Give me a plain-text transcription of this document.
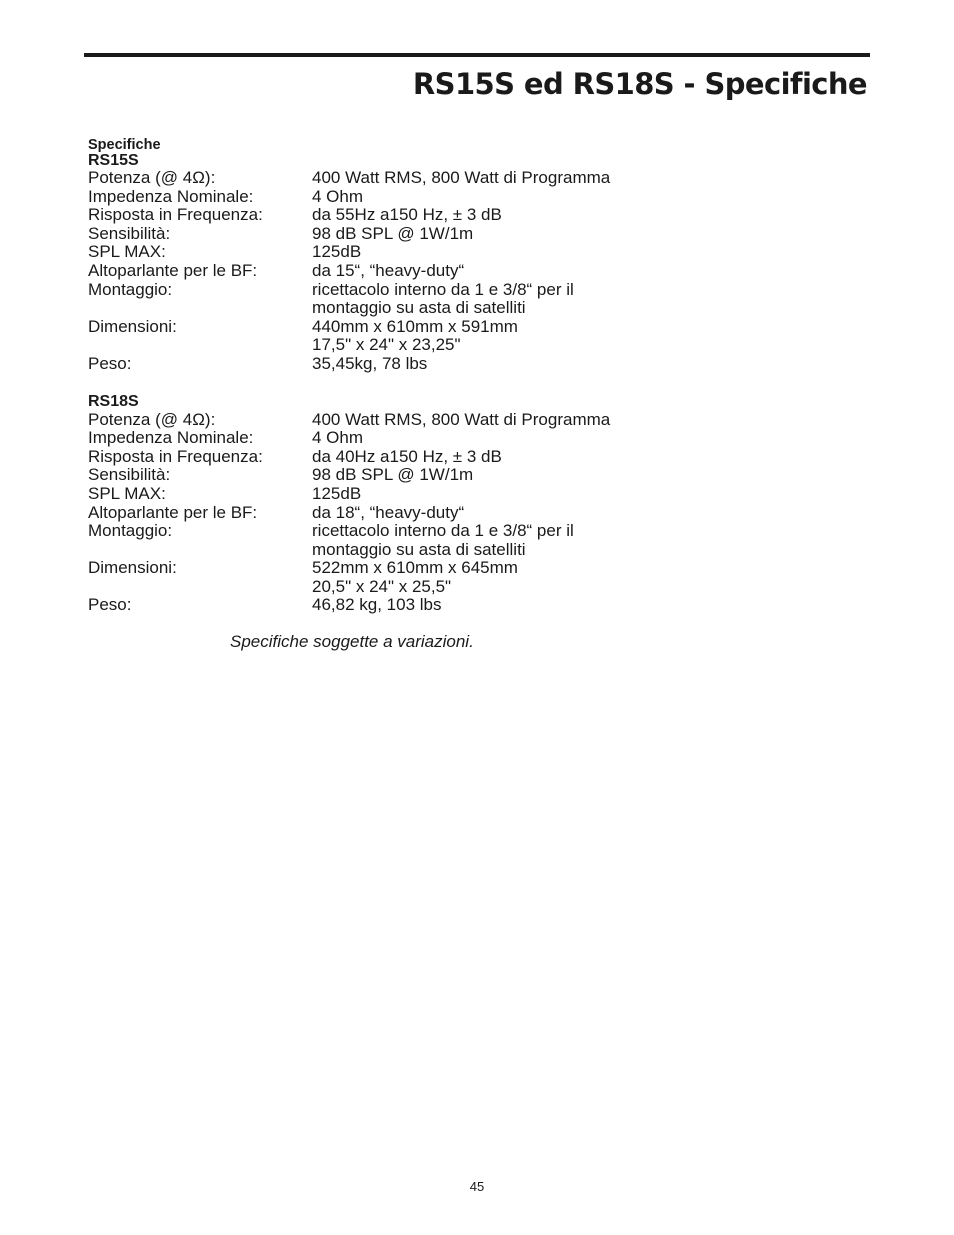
RS15S ed RS18S - Specifiche
Specifiche
RS15S
Potenza (@ 4Ω):	400 Watt RMS, 800 Watt di Programma
Impedenza Nominale:	4 Ohm
Risposta in Frequenza:	da 55Hz a150 Hz, ± 3 dB
Sensibilità:	98 dB SPL @ 1W/1m
SPL MAX:	125dB
Altoparlante per le BF:	da 15“, “heavy-duty“
Montaggio:	ricettacolo interno da 1 e 3/8“ per il
montaggio su asta di satelliti
Dimensioni:	440mm x 610mm x 591mm
17,5" x 24" x 23,25"
Peso:	35,45kg, 78 lbs
RS18S
Potenza (@ 4Ω):	400 Watt RMS, 800 Watt di Programma
Impedenza Nominale:	4 Ohm
Risposta in Frequenza:	da 40Hz a150 Hz, ± 3 dB
Sensibilità:	98 dB SPL @ 1W/1m
SPL MAX:	125dB
Altoparlante per le BF:	da 18“, “heavy-duty“
Montaggio:	ricettacolo interno da 1 e 3/8“ per il
montaggio su asta di satelliti
Dimensioni:	522mm x 610mm x 645mm
20,5" x 24" x 25,5"
Peso:	46,82 kg, 103 lbs
Specifiche soggette a variazioni.
45
